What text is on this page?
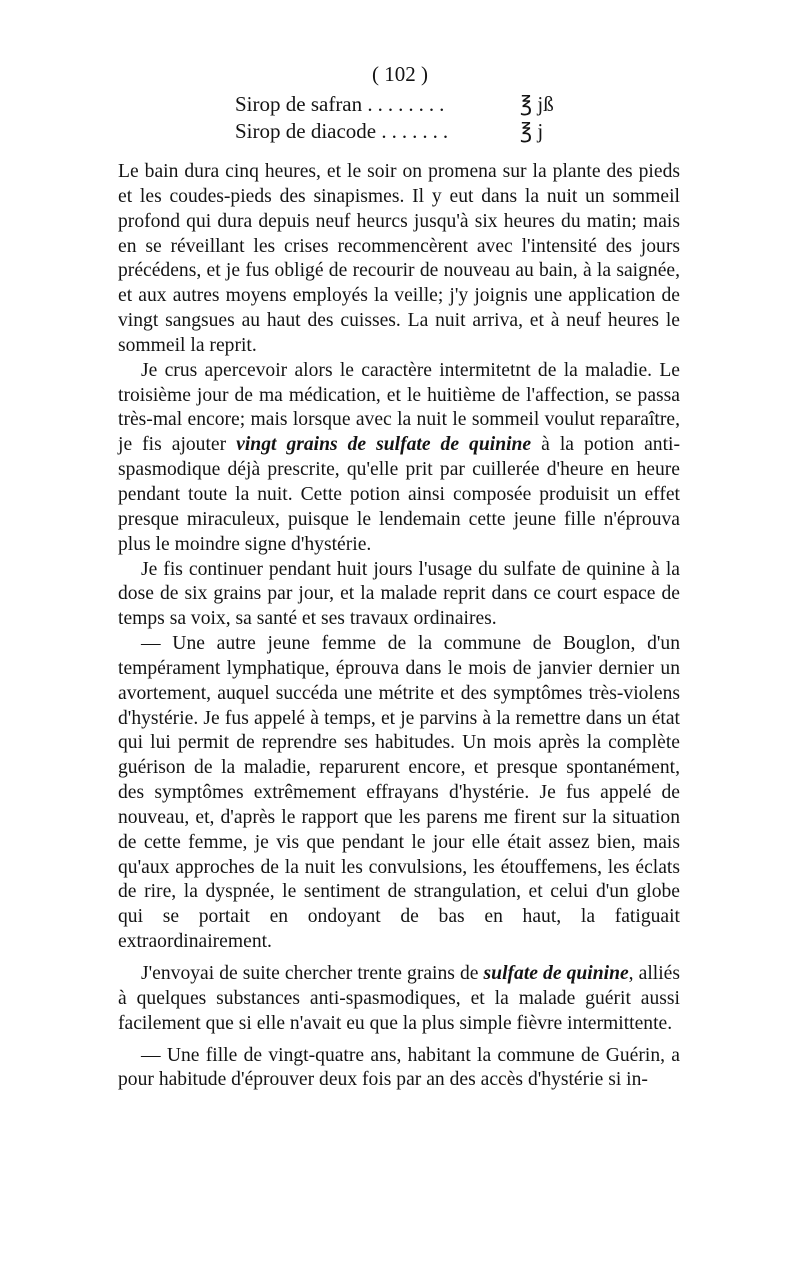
( 102 )
Sirop de safran ........	℥ jß
Sirop de diacode .......	℥ j

Le bain dura cinq heures, et le soir on promena sur la plante des pieds et les coudes-pieds des sinapismes. Il y eut dans la nuit un sommeil profond qui dura depuis neuf heurcs jusqu'à six heures du matin; mais en se réveillant les crises recommencèrent avec l'intensité des jours précédens, et je fus obligé de recourir de nouveau au bain, à la saignée, et aux autres moyens employés la veille; j'y joignis une application de vingt sangsues au haut des cuisses. La nuit arriva, et à neuf heures le sommeil la reprit.

Je crus apercevoir alors le caractère intermitetnt de la maladie. Le troisième jour de ma médication, et le huitième de l'affection, se passa très-mal encore; mais lorsque avec la nuit le sommeil voulut reparaître, je fis ajouter vingt grains de sulfate de quinine à la potion anti-spasmodique déjà prescrite, qu'elle prit par cuillerée d'heure en heure pendant toute la nuit. Cette potion ainsi composée produisit un effet presque miraculeux, puisque le lendemain cette jeune fille n'éprouva plus le moindre signe d'hystérie.

Je fis continuer pendant huit jours l'usage du sulfate de quinine à la dose de six grains par jour, et la malade reprit dans ce court espace de temps sa voix, sa santé et ses travaux ordinaires.

— Une autre jeune femme de la commune de Bouglon, d'un tempérament lymphatique, éprouva dans le mois de janvier dernier un avortement, auquel succéda une métrite et des symptômes très-violens d'hystérie. Je fus appelé à temps, et je parvins à la remettre dans un état qui lui permit de reprendre ses habitudes. Un mois après la complète guérison de la maladie, reparurent encore, et presque spontanément, des symptômes extrêmement effrayans d'hystérie. Je fus appelé de nouveau, et, d'après le rapport que les parens me firent sur la situation de cette femme, je vis que pendant le jour elle était assez bien, mais qu'aux approches de la nuit les convulsions, les étouffemens, les éclats de rire, la dyspnée, le sentiment de strangulation, et celui d'un globe qui se portait en ondoyant de bas en haut, la fatiguait extraordinairement.

J'envoyai de suite chercher trente grains de sulfate de quinine, alliés à quelques substances anti-spasmodiques, et la malade guérit aussi facilement que si elle n'avait eu que la plus simple fièvre intermittente.

— Une fille de vingt-quatre ans, habitant la commune de Guérin, a pour habitude d'éprouver deux fois par an des accès d'hystérie si in-
